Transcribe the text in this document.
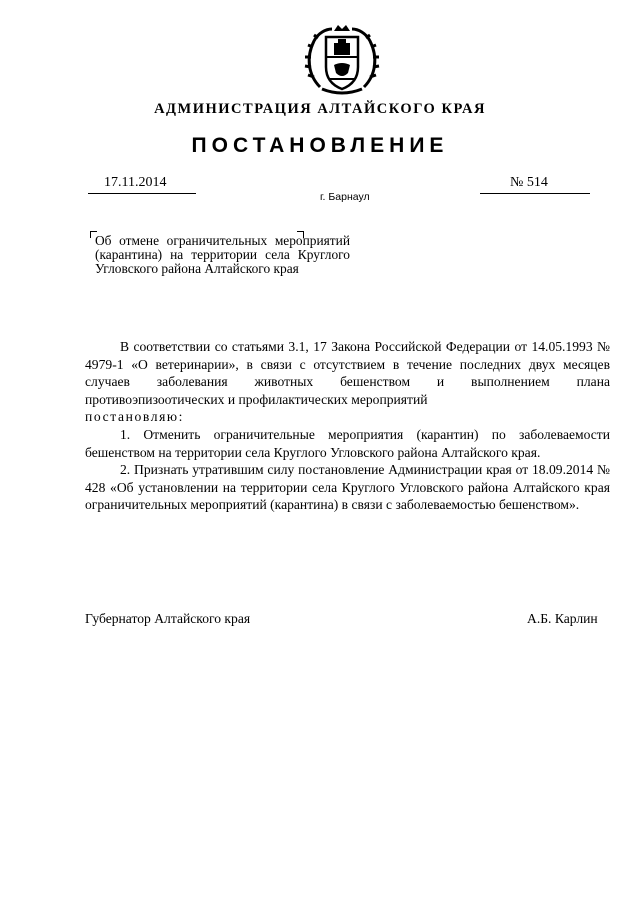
АДМИНИСТРАЦИЯ АЛТАЙСКОГО КРАЯ
ПОСТАНОВЛЕНИЕ
17.11.2014	№ 514
г. Барнаул
Об отмене ограничительных мероприятий (карантина) на территории села Круглого Угловского района Алтайского края

В соответствии со статьями 3.1, 17 Закона Российской Федерации от 14.05.1993 № 4979-1 «О ветеринарии», в связи с отсутствием в течение последних двух месяцев случаев заболевания животных бешенством и выполнением плана противоэпизоотических и профилактических мероприятий

постановляю:

1. Отменить ограничительные мероприятия (карантин) по заболеваемости бешенством на территории села Круглого Угловского района Алтайского края.

2. Признать утратившим силу постановление Администрации края от 18.09.2014 № 428 «Об установлении на территории села Круглого Угловского района Алтайского края ограничительных мероприятий (карантина) в связи с заболеваемостью бешенством».

Губернатор Алтайского края	А.Б. Карлин
